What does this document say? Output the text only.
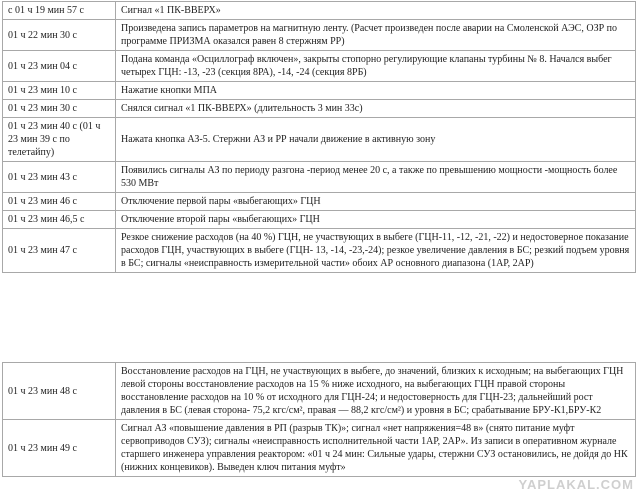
с 01 ч 19 мин 57 с	Сигнал «1 ПК-ВВЕРХ»
01 ч 22 мин 30 с	Произведена запись параметров на магнитную ленту. (Расчет произведен после аварии на Смоленской АЭС, ОЗР по программе ПРИЗМА оказался равен 8 стержням РР)
01 ч 23 мин 04 с	Подана команда «Осциллограф включен», закрыты стопорно регулирующие клапаны турбины № 8. Начался выбег четырех ГЦН: -13, -23 (секция 8РА), -14, -24 (секция 8РБ)
01 ч 23 мин 10 с	Нажатие кнопки МПА
01 ч 23 мин 30 с	Снялся сигнал «1 ПК-ВВЕРХ» (длительность 3 мин 33с)
01 ч 23 мин 40 с (01 ч 23 мин 39 с по телетайпу)	Нажата кнопка АЗ-5. Стержни АЗ и РР начали движение в активную зону
01 ч 23 мин 43 с	Появились сигналы АЗ по периоду разгона -период менее 20 с, а также по превышению мощности -мощность более 530 МВт
01 ч 23 мин 46 с	Отключение первой пары «выбегающих» ГЦН
01 ч 23 мин 46,5 с	Отключение второй пары «выбегающих» ГЦН
01 ч 23 мин 47 с	Резкое снижение расходов (на 40 %) ГЦН, не участвующих в выбеге (ГЦН-11, -12, -21, -22) и недостоверное показание расходов ГЦН, участвующих в выбеге (ГЦН- 13, -14, -23,-24); резкое увеличение давления в БС; резкий подъем уровня в БС; сигналы «неисправность измерительной части» обоих АР основного диапазона (1АР, 2АР)
01 ч 23 мин 48 с	Восстановление расходов на ГЦН, не участвующих в выбеге, до значений, близких к исходным; на выбегающих ГЦН левой стороны восстановление расходов на 15 % ниже исходного, на выбегающих ГЦН правой стороны восстановление расходов на 10 % от исходного для ГЦН-24; и недостоверность для ГЦН-23; дальнейший рост давления в БС (левая сторона- 75,2 кгс/см², правая — 88,2 кгс/см²) и уровня в БС; срабатывание БРУ-К1,БРУ-К2
01 ч 23 мин 49 с	Сигнал АЗ «повышение давления в РП (разрыв ТК)»; сигнал «нет напряжения=48 в» (снято питание муфт сервоприводов СУЗ); сигналы «неисправность исполнительной части 1АР, 2АР». Из записи в оперативном журнале старшего инженера управления реактором: «01 ч 24 мин: Сильные удары, стержни СУЗ остановились, не дойдя до НК (нижних концевиков). Выведен ключ питания муфт»
YAPLAKAL.COM
